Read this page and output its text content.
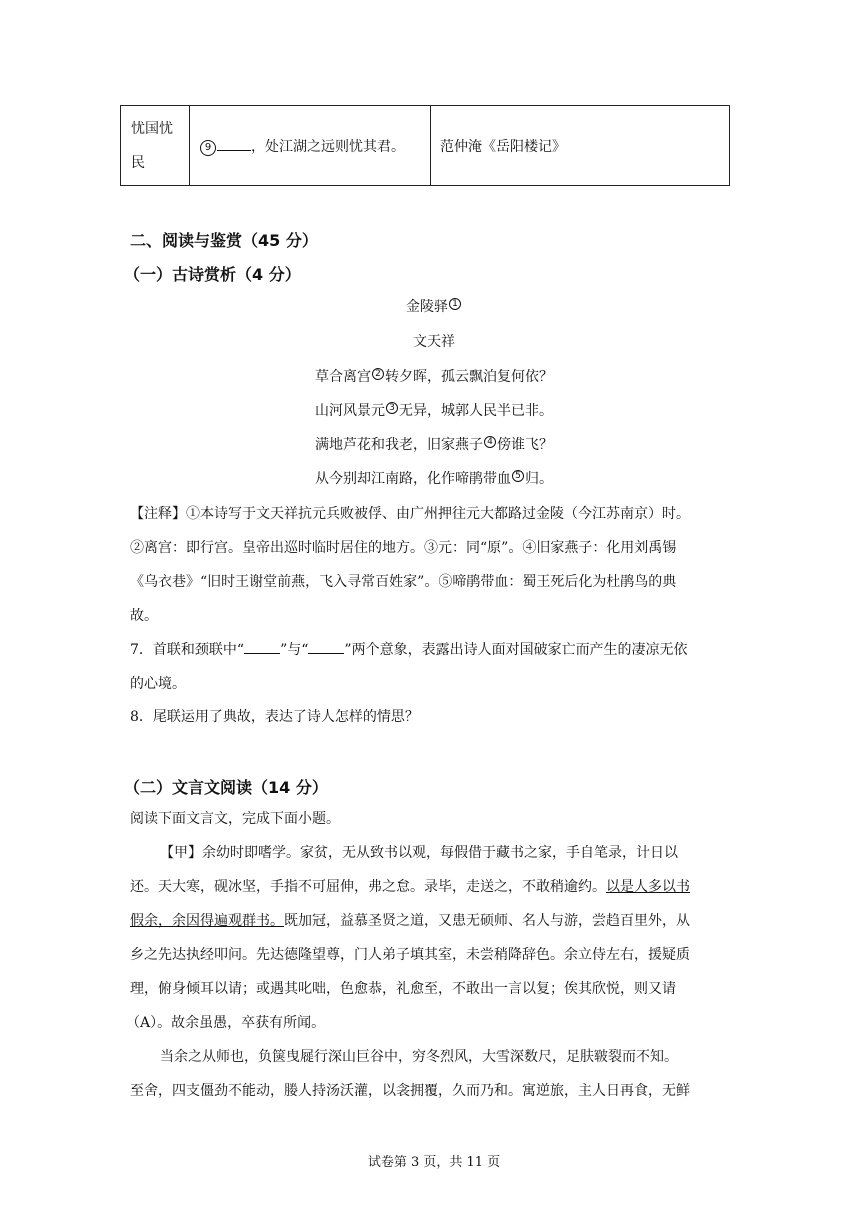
忧国忧
民
	9	，处江湖之远则忧其君。	范仲淹《岳阳楼记》
二、阅读与鉴赏（45 分）
（一）古诗赏析（4 分）
金陵驿 1
文天祥
草合离宫 2 转夕晖，孤云飘泊复何依？
山河风景元 3 无异，城郭人民半已非。
满地芦花和我老，旧家燕子 4 傍谁飞？
从今别却江南路，化作啼鹃带血 5 归。
【注释】①本诗写于文天祥抗元兵败被俘、由广州押往元大都路过金陵（今江苏南京）时。
②离宫：即行宫。皇帝出巡时临时居住的地方。③元：同“原”。④旧家燕子：化用刘禹锡
《乌衣巷》“旧时王谢堂前燕，飞入寻常百姓家”。⑤啼鹃带血：蜀王死后化为杜鹃鸟的典
故。
7．首联和颈联中“	”与“	”两个意象，表露出诗人面对国破家亡而产生的凄凉无依
的心境。
8．尾联运用了典故，表达了诗人怎样的情思？
（二）文言文阅读（14 分）
阅读下面文言文，完成下面小题。
【甲】余幼时即嗜学。家贫，无从致书以观，每假借于藏书之家，手自笔录，计日以
还。天大寒，砚冰坚，手指不可屈伸，弗之怠。录毕，走送之，不敢稍逾约。以是人多以书
假余，余因得遍观群书。既加冠，益慕圣贤之道，又患无硕师、名人与游，尝趋百里外，从
乡之先达执经叩问。先达德隆望尊，门人弟子填其室，未尝稍降辞色。余立侍左右，援疑质
理，俯身倾耳以请；或遇其叱咄，色愈恭，礼愈至，不敢出一言以复；俟其欣悦，则又请
（A）。故余虽愚，卒获有所闻。
当余之从师也，负箧曳屣行深山巨谷中，穷冬烈风，大雪深数尺，足肤皲裂而不知。
至舍，四支僵劲不能动，媵人持汤沃灌，以衾拥覆，久而乃和。寓逆旅，主人日再食，无鲜
试卷第 3 页，共 11 页
